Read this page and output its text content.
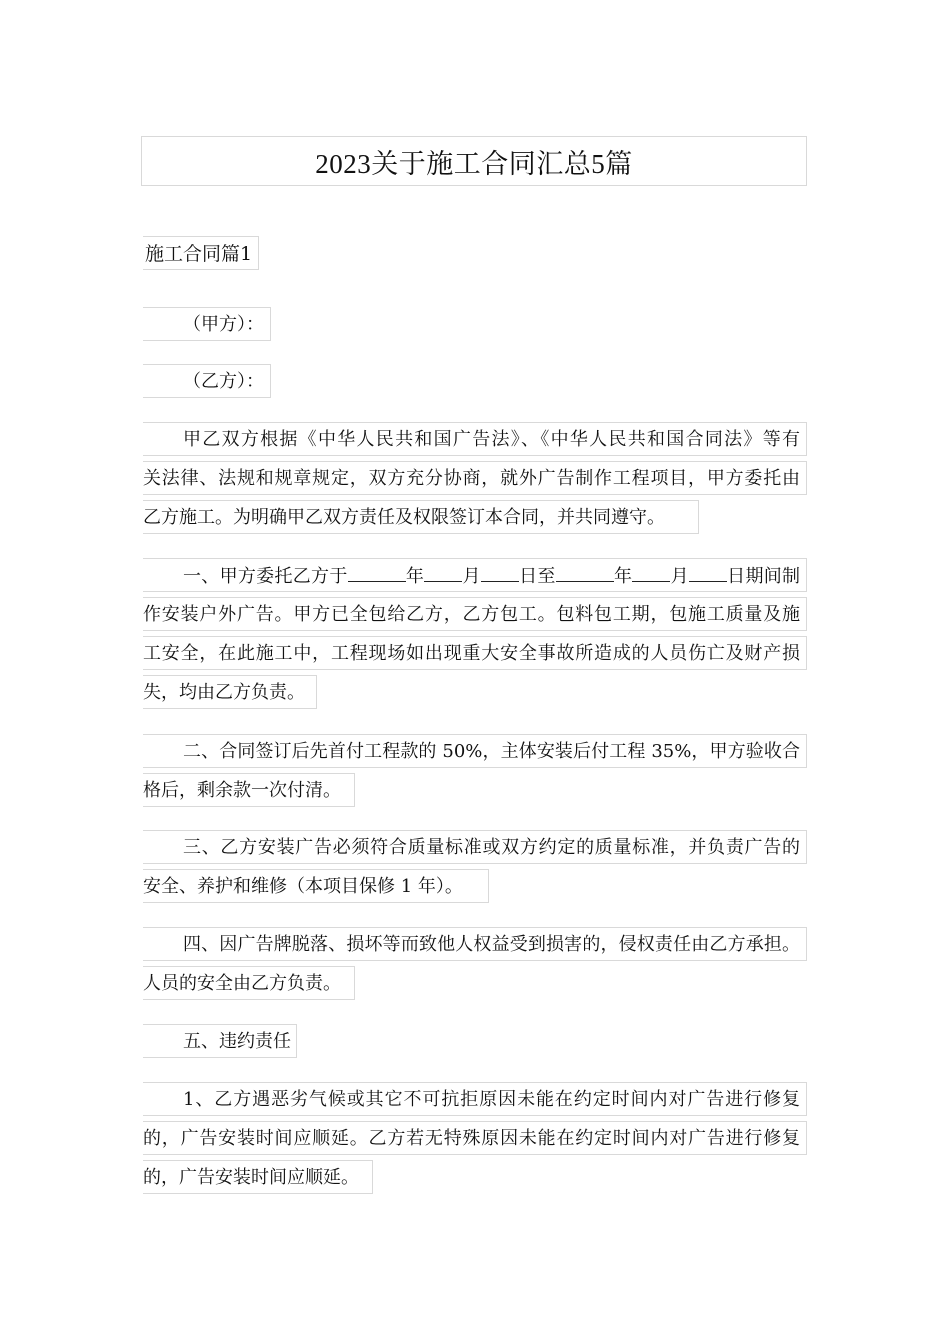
2023关于施工合同汇总5篇
施工合同篇1
（甲方）：
（乙方）：
甲乙双方根据《中华人民共和国广告法》、《中华人民共和国合同法》等有
关法律、法规和规章规定，双方充分协商，就外广告制作工程项目，甲方委托由
乙方施工。为明确甲乙双方责任及权限签订本合同，并共同遵守。
一、甲方委托乙方于	年 月 日至	年 月 日期间制
作安装户外广告。甲方已全包给乙方，乙方包工。包料包工期，包施工质量及施
工安全，在此施工中，工程现场如出现重大安全事故所造成的人员伤亡及财产损
失，均由乙方负责。
二、合同签订后先首付工程款的 50%，主体安装后付工程 35%，甲方验收合
格后，剩余款一次付清。
三、乙方安装广告必须符合质量标准或双方约定的质量标准，并负责广告的
安全、养护和维修（本项目保修 1 年）。
四、因广告牌脱落、损坏等而致他人权益受到损害的，侵权责任由乙方承担。
人员的安全由乙方负责。
五、违约责任
1、乙方遇恶劣气候或其它不可抗拒原因未能在约定时间内对广告进行修复
的，广告安装时间应顺延。乙方若无特殊原因未能在约定时间内对广告进行修复
的，广告安装时间应顺延。
